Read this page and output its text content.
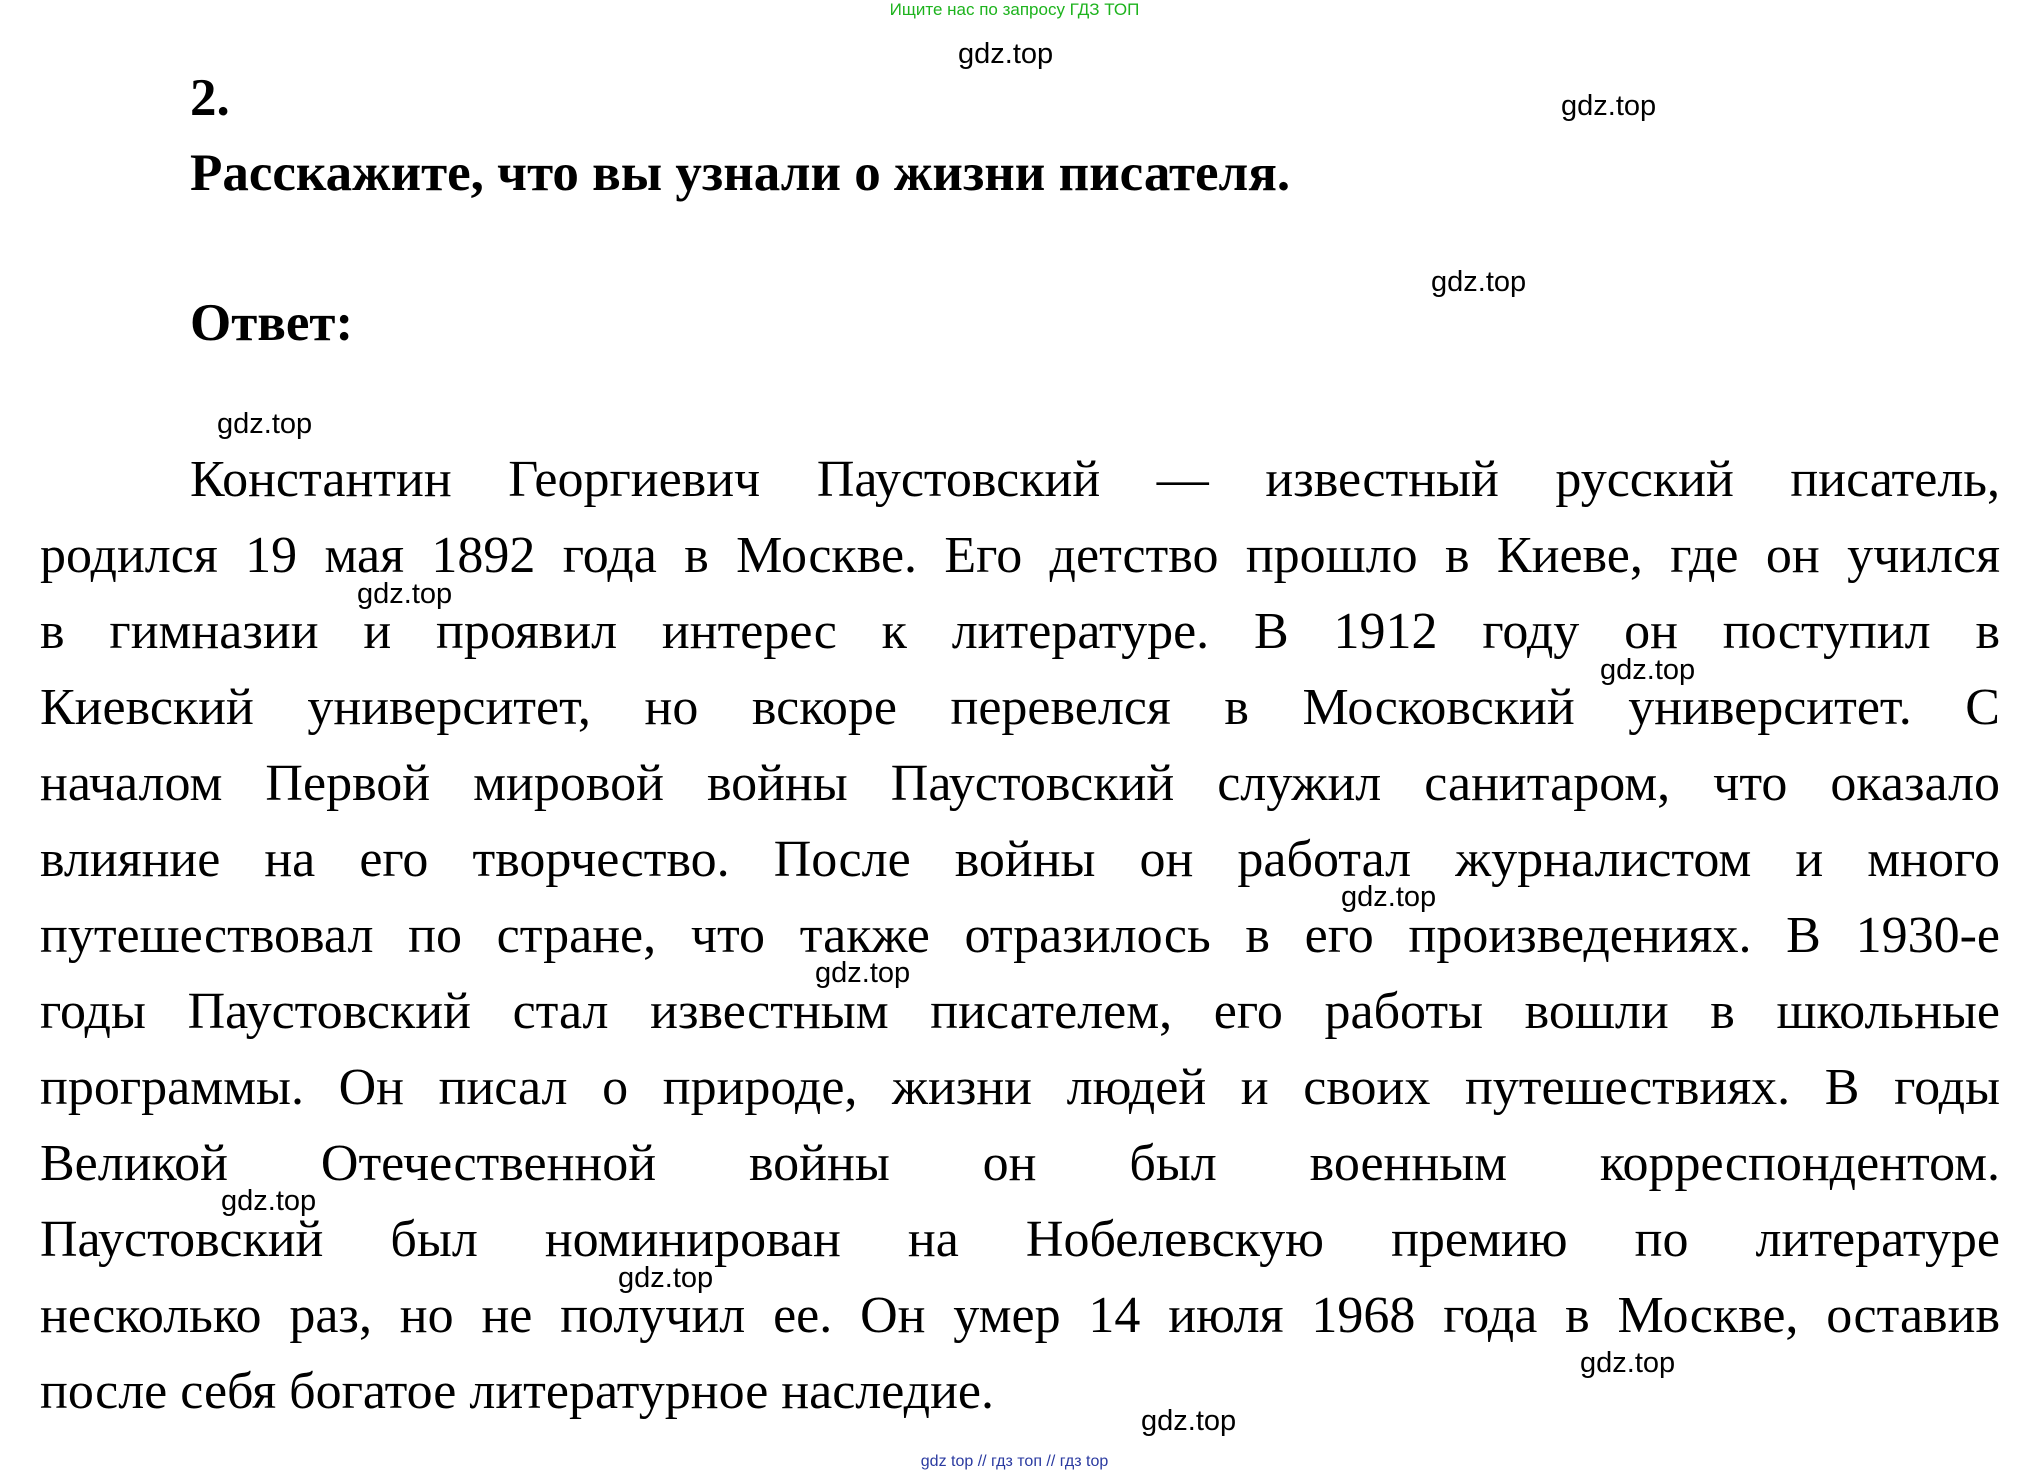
Ищите нас по запросу ГДЗ ТОП
2.
Расскажите, что вы узнали о жизни писателя.
Ответ:
Константин Георгиевич Паустовский — известный русский писатель,
родился 19 мая 1892 года в Москве. Его детство прошло в Киеве, где он учился
в гимназии и проявил интерес к литературе. В 1912 году он поступил в
Киевский университет, но вскоре перевелся в Московский университет. С
началом Первой мировой войны Паустовский служил санитаром, что оказало
влияние на его творчество. После войны он работал журналистом и много
путешествовал по стране, что также отразилось в его произведениях. В 1930-е
годы Паустовский стал известным писателем, его работы вошли в школьные
программы. Он писал о природе, жизни людей и своих путешествиях. В годы
Великой Отечественной войны он был военным корреспондентом.
Паустовский был номинирован на Нобелевскую премию по литературе
несколько раз, но не получил ее. Он умер 14 июля 1968 года в Москве, оставив
после себя богатое литературное наследие.
gdz.top
gdz.top
gdz.top
gdz.top
gdz.top
gdz.top
gdz.top
gdz.top
gdz.top
gdz.top
gdz.top
gdz.top
gdz top // гдз топ // гдз top
